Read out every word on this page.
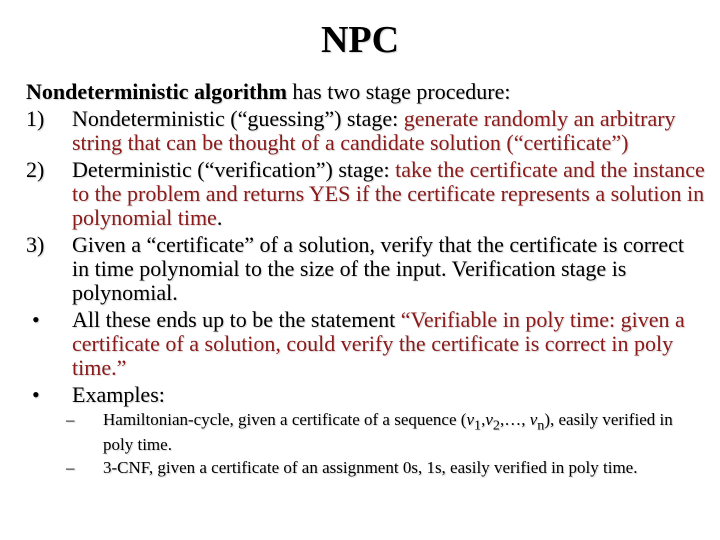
NPC

Nondeterministic algorithm has two stage procedure:

1)	Nondeterministic (“guessing”) stage: generate randomly an arbitrary string that can be thought of a candidate solution (“certificate”)
2)	Deterministic (“verification”) stage: take the certificate and the instance to the problem and returns YES if the certificate represents a solution in polynomial time.
3)	Given a “certificate” of a solution, verify that the certificate is correct in time polynomial to the size of the input. Verification stage is polynomial.
•	All these ends up to be the statement “Verifiable in poly time: given a certificate of a solution, could verify the certificate is correct in poly time.”
•	Examples:
– Hamiltonian-cycle, given a certificate of a sequence ($v_1,v_2,\dots$, $v_n$), easily verified in poly time.
– 3-CNF, given a certificate of an assignment 0s, 1s, easily verified in poly time.
